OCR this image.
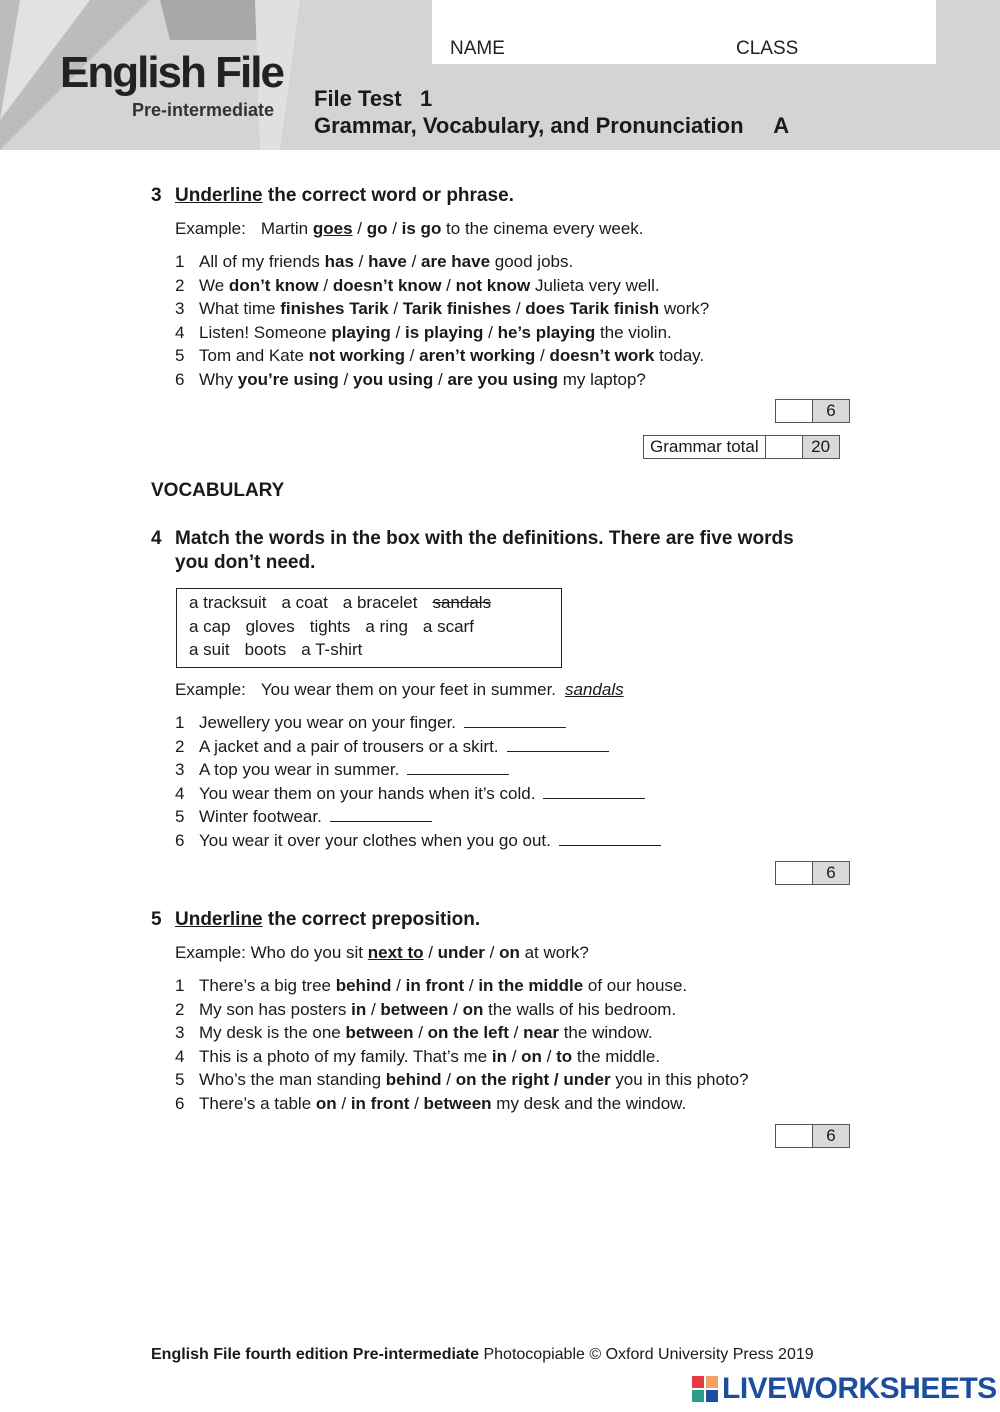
English File
Pre-intermediate
NAME	CLASS
File Test   1
Grammar, Vocabulary, and Pronunciation     A
3 Underline the correct word or phrase.
Example: Martin goes / go / is go to the cinema every week.
1 All of my friends has / have / are have good jobs.
2 We don’t know / doesn’t know / not know Julieta very well.
3 What time finishes Tarik / Tarik finishes / does Tarik finish work?
4 Listen! Someone playing / is playing / he’s playing the violin.
5 Tom and Kate not working / aren’t working / doesn’t work today.
6 Why you’re using / you using / are you using my laptop?
6
Grammar total	20
VOCABULARY
4 Match the words in the box with the definitions. There are five words
you don’t need.
a tracksuit a coat a bracelet sandals
a cap gloves tights a ring a scarf
a suit boots a T-shirt
Example: You wear them on your feet in summer. sandals
1 Jewellery you wear on your finger.
2 A jacket and a pair of trousers or a skirt.
3 A top you wear in summer.
4 You wear them on your hands when it’s cold.
5 Winter footwear.
6 You wear it over your clothes when you go out.
6
5 Underline the correct preposition.
Example: Who do you sit next to / under / on at work?
1 There’s a big tree behind / in front / in the middle of our house.
2 My son has posters in / between / on the walls of his bedroom.
3 My desk is the one between / on the left / near the window.
4 This is a photo of my family. That’s me in / on / to the middle.
5 Who’s the man standing behind / on the right / under you in this photo?
6 There’s a table on / in front / between my desk and the window.
6
English File fourth edition Pre-intermediate Photocopiable © Oxford University Press 2019
LIVEWORKSHEETS
